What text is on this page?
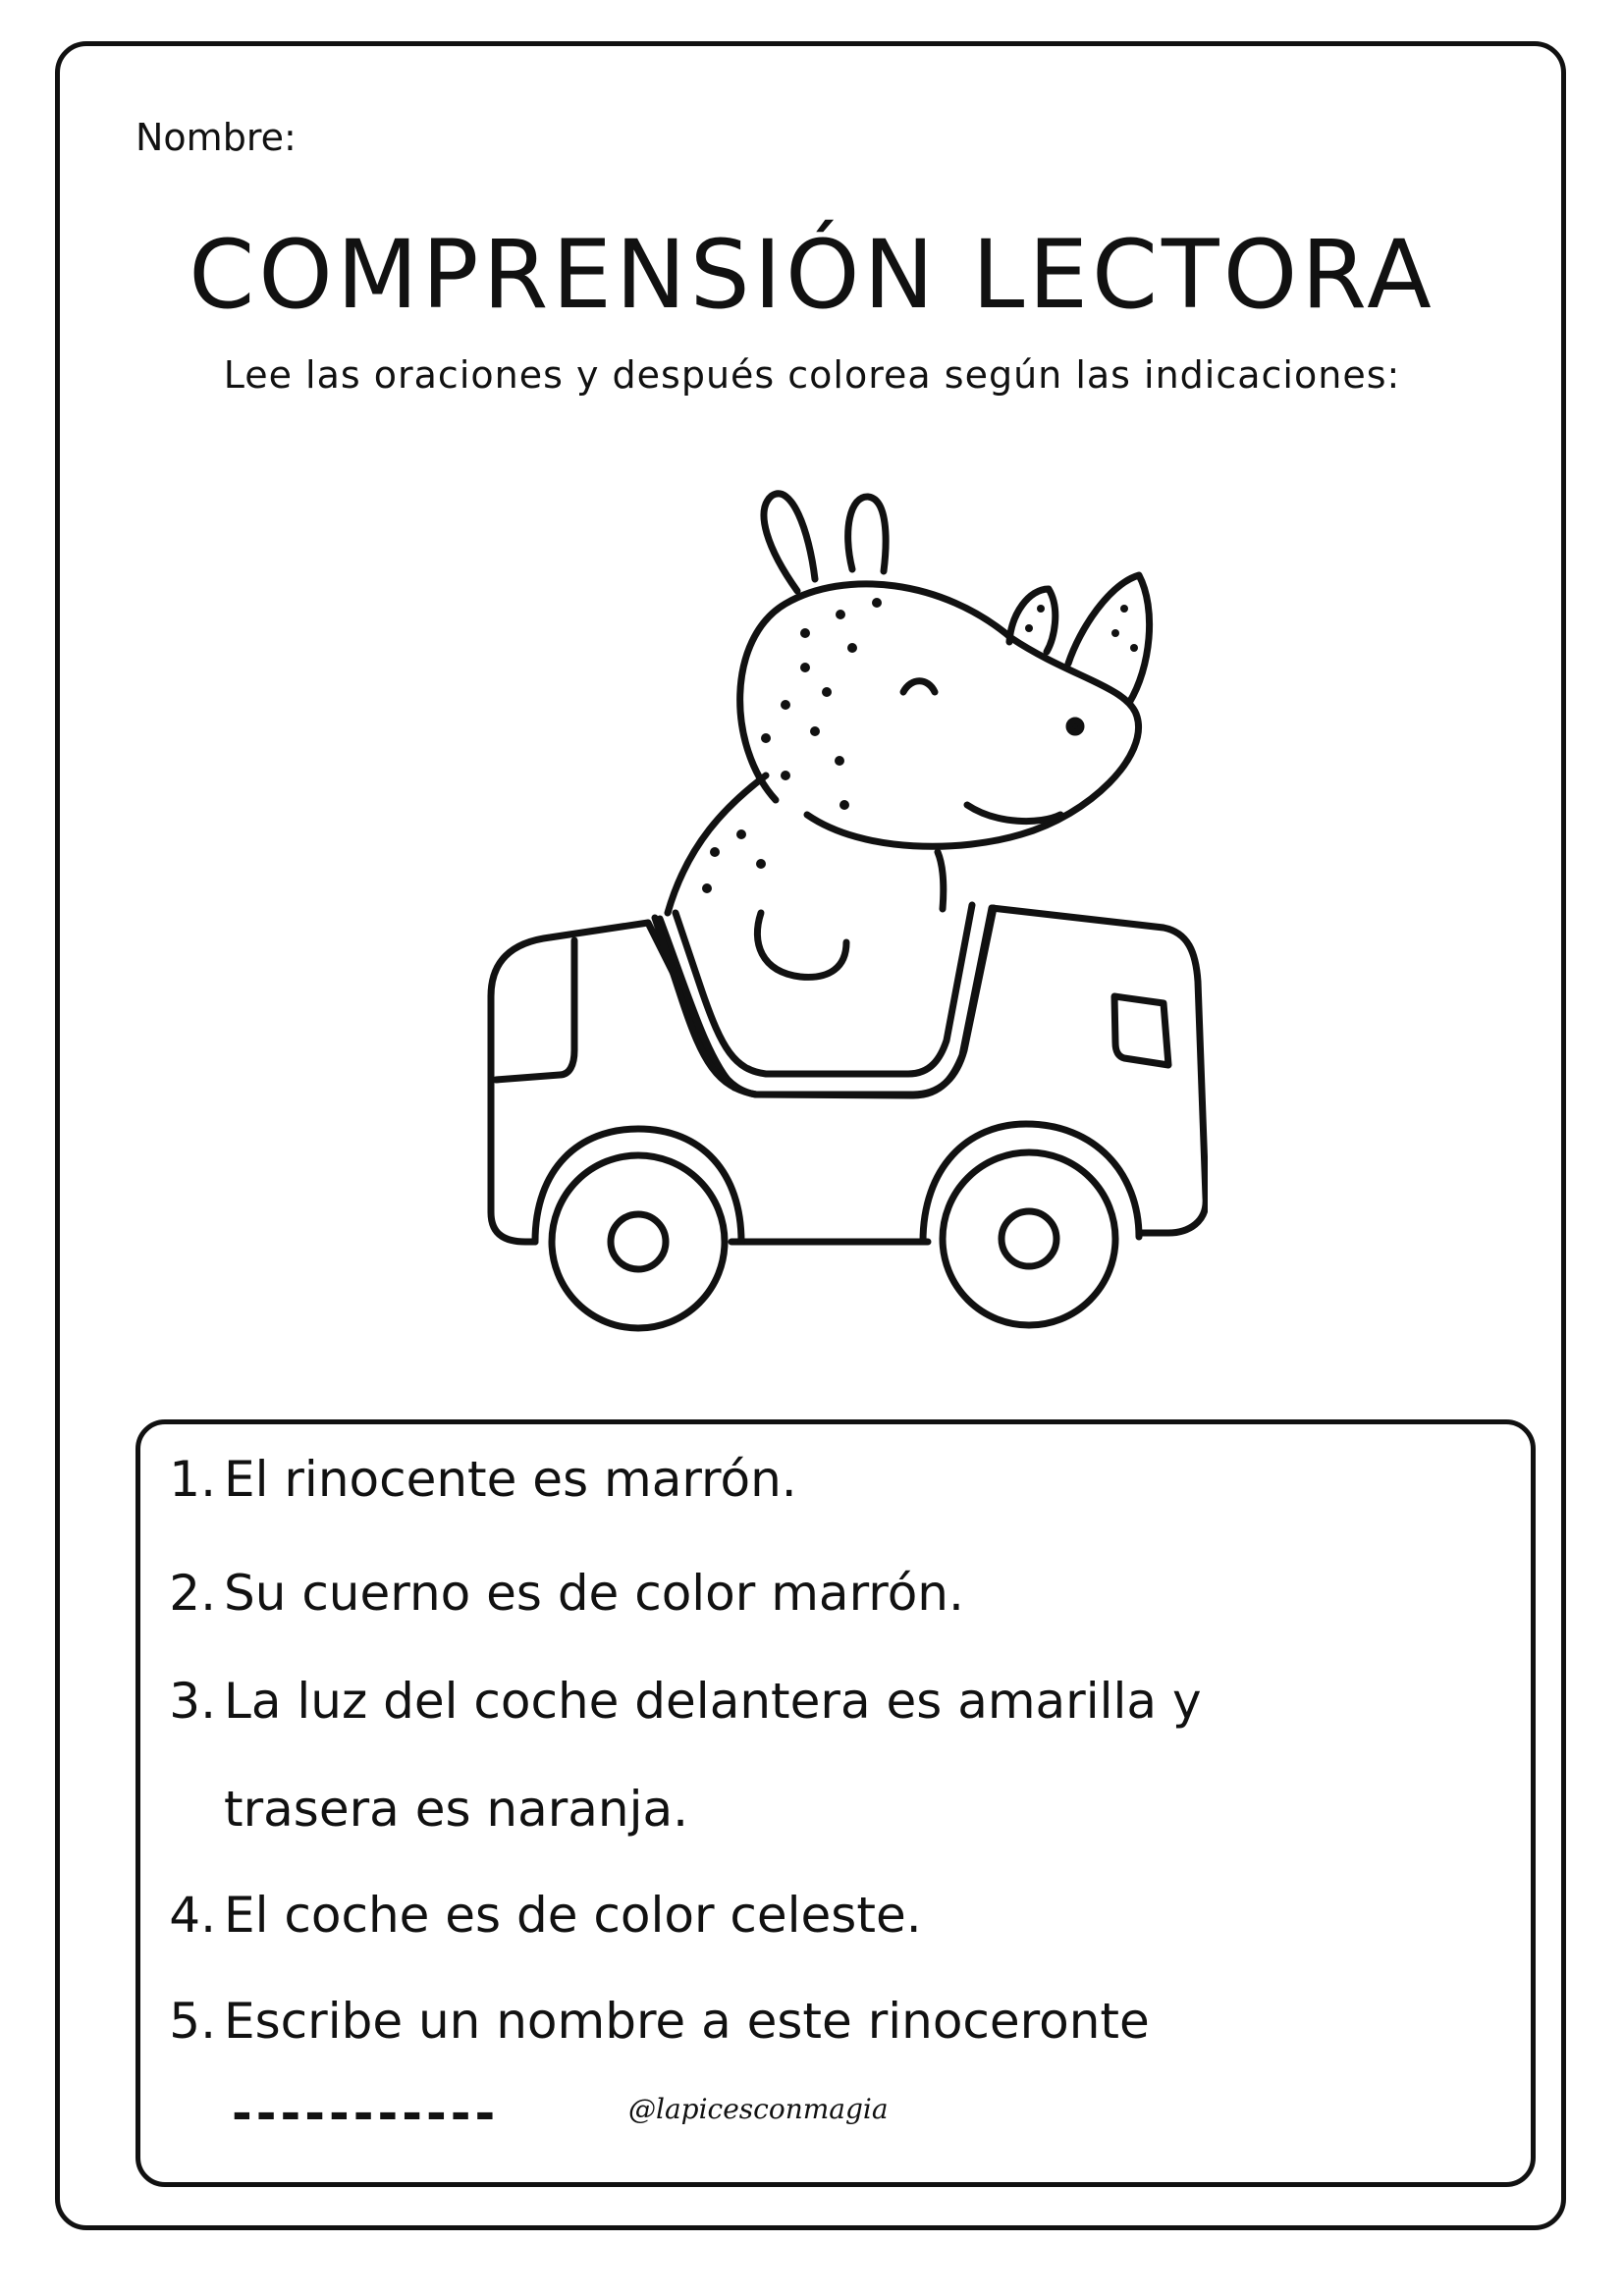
Nombre:
COMPRENSIÓN LECTORA
Lee las oraciones y después colorea según las indicaciones:
1. El rinocente es marrón.
2. Su cuerno es de color marrón.
3. La luz del coche delantera es amarilla y
trasera es naranja.
4. El coche es de color celeste.
5. Escribe un nombre a este rinoceronte
-----------	@lapicesconmagia
